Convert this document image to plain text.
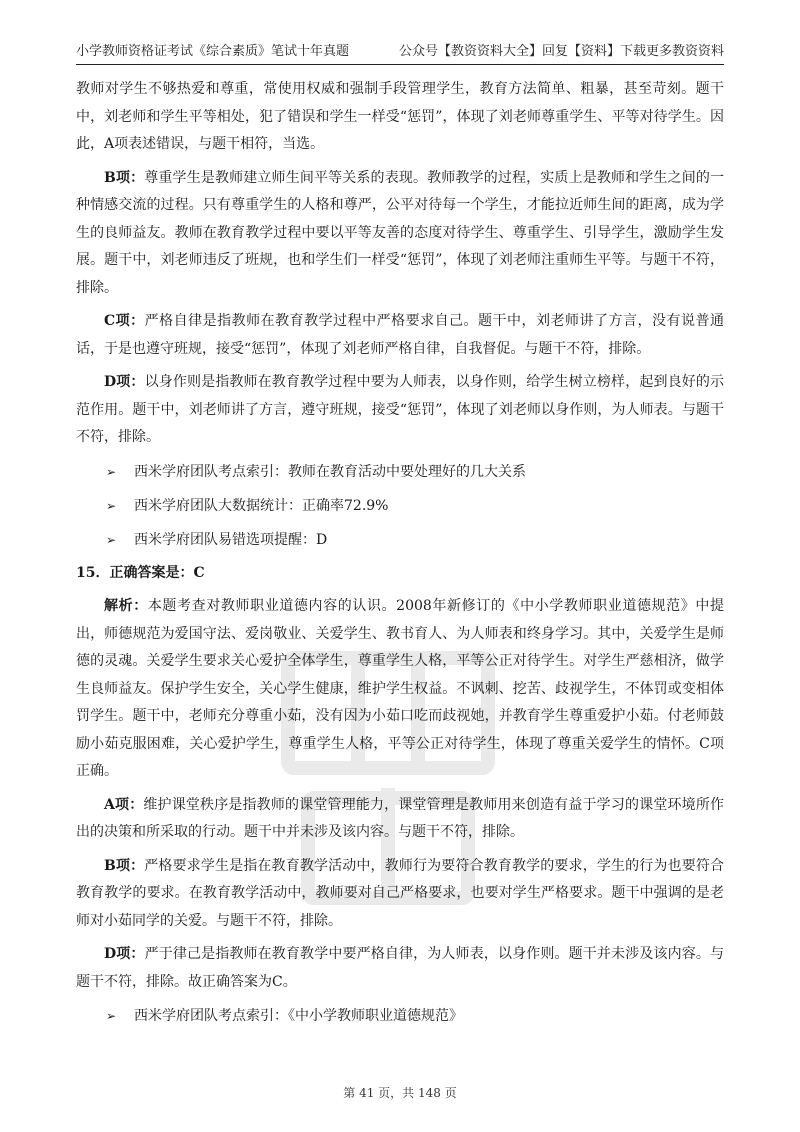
小学教师资格证考试《综合素质》笔试十年真题	公众号【教资资料大全】回复【资料】下载更多教资资料

教师对学生不够热爱和尊重，常使用权威和强制手段管理学生，教育方法简单、粗暴，甚至苛刻。题干中，刘老师和学生平等相处，犯了错误和学生一样受“惩罚”，体现了刘老师尊重学生、平等对待学生。因此，A项表述错误，与题干相符，当选。

B项：尊重学生是教师建立师生间平等关系的表现。教师教学的过程，实质上是教师和学生之间的一种情感交流的过程。只有尊重学生的人格和尊严，公平对待每一个学生，才能拉近师生间的距离，成为学生的良师益友。教师在教育教学过程中要以平等友善的态度对待学生、尊重学生、引导学生，激励学生发展。题干中，刘老师违反了班规，也和学生们一样受“惩罚”，体现了刘老师注重师生平等。与题干不符，排除。

C项：严格自律是指教师在教育教学过程中严格要求自己。题干中，刘老师讲了方言，没有说普通话，于是也遵守班规，接受“惩罚”，体现了刘老师严格自律，自我督促。与题干不符，排除。

D项：以身作则是指教师在教育教学过程中要为人师表，以身作则，给学生树立榜样，起到良好的示范作用。题干中，刘老师讲了方言，遵守班规，接受“惩罚”，体现了刘老师以身作则，为人师表。与题干不符，排除。

➢ 西米学府团队考点索引：教师在教育活动中要处理好的几大关系
➢ 西米学府团队大数据统计：正确率72.9%
➢ 西米学府团队易错选项提醒：D

15．正确答案是：C

解析：本题考查对教师职业道德内容的认识。2008年新修订的《中小学教师职业道德规范》中提出，师德规范为爱国守法、爱岗敬业、关爱学生、教书育人、为人师表和终身学习。其中，关爱学生是师德的灵魂。关爱学生要求关心爱护全体学生，尊重学生人格，平等公正对待学生。对学生严慈相济，做学生良师益友。保护学生安全，关心学生健康，维护学生权益。不讽刺、挖苦、歧视学生，不体罚或变相体罚学生。题干中，老师充分尊重小茹，没有因为小茹口吃而歧视她，并教育学生尊重爱护小茹。付老师鼓励小茹克服困难，关心爱护学生，尊重学生人格，平等公正对待学生，体现了尊重关爱学生的情怀。C项正确。

A项：维护课堂秩序是指教师的课堂管理能力，课堂管理是教师用来创造有益于学习的课堂环境所作出的决策和所采取的行动。题干中并未涉及该内容。与题干不符，排除。

B项：严格要求学生是指在教育教学活动中，教师行为要符合教育教学的要求，学生的行为也要符合教育教学的要求。在教育教学活动中，教师要对自己严格要求，也要对学生严格要求。题干中强调的是老师对小茹同学的关爱。与题干不符，排除。

D项：严于律己是指教师在教育教学中要严格自律，为人师表，以身作则。题干并未涉及该内容。与题干不符，排除。故正确答案为C。

➢ 西米学府团队考点索引：《中小学教师职业道德规范》
第 41 页，共 148 页
